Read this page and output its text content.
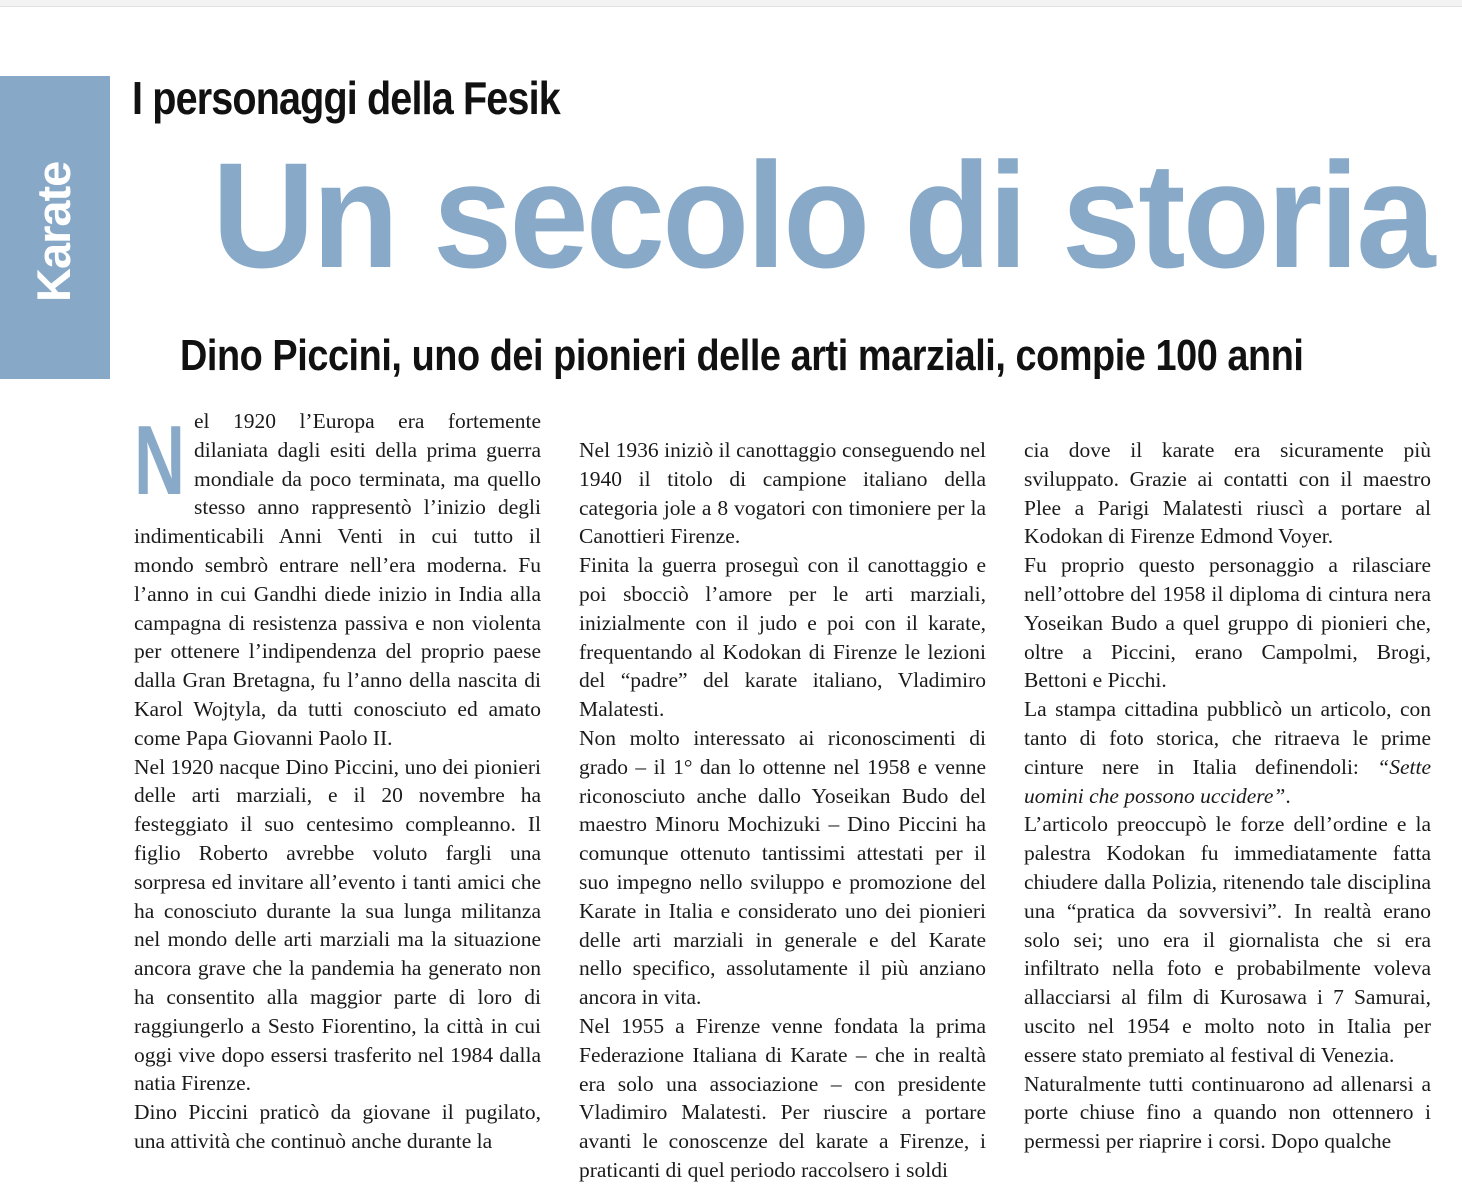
Karate
I personaggi della Fesik
Un secolo di storia
Dino Piccini, uno dei pionieri delle arti marziali, compie 100 anni

Nel 1920 l’Europa era fortemente dilaniata dagli esiti della prima guerra mondiale da poco terminata, ma quello stesso anno rappresentò l’inizio degli indimenticabili Anni Venti in cui tutto il mondo sembrò entrare nell’era moderna. Fu l’anno in cui Gandhi diede inizio in India alla campagna di resistenza passiva e non violenta per ottenere l’indipendenza del proprio paese dalla Gran Bretagna, fu l’anno della nascita di Karol Wojtyla, da tutti conosciuto ed amato come Papa Giovanni Paolo II.

Nel 1920 nacque Dino Piccini, uno dei pionieri delle arti marziali, e il 20 novembre ha festeggiato il suo centesimo compleanno. Il figlio Roberto avrebbe voluto fargli una sorpresa ed invitare all’evento i tanti amici che ha conosciuto durante la sua lunga militanza nel mondo delle arti marziali ma la situazione ancora grave che la pandemia ha generato non ha consentito alla maggior parte di loro di raggiungerlo a Sesto Fiorentino, la città in cui oggi vive dopo essersi trasferito nel 1984 dalla natia Firenze.

Dino Piccini praticò da giovane il pugilato, una attività che continuò anche durante la

Nel 1936 iniziò il canottaggio conseguendo nel 1940 il titolo di campione italiano della categoria jole a 8 vogatori con timoniere per la Canottieri Firenze.

Finita la guerra proseguì con il canottaggio e poi sbocciò l’amore per le arti marziali, inizialmente con il judo e poi con il karate, frequentando al Kodokan di Firenze le lezioni del “padre” del karate italiano, Vladimiro Malatesti.

Non molto interessato ai riconoscimenti di grado – il 1° dan lo ottenne nel 1958 e venne riconosciuto anche dallo Yoseikan Budo del maestro Minoru Mochizuki – Dino Piccini ha comunque ottenuto tantissimi attestati per il suo impegno nello sviluppo e promozione del Karate in Italia e considerato uno dei pionieri delle arti marziali in generale e del Karate nello specifico, assolutamente il più anziano ancora in vita.

Nel 1955 a Firenze venne fondata la prima Federazione Italiana di Karate – che in realtà era solo una associazione – con presidente Vladimiro Malatesti. Per riuscire a portare avanti le conoscenze del karate a Firenze, i praticanti di quel periodo raccolsero i soldi

cia dove il karate era sicuramente più sviluppato. Grazie ai contatti con il maestro Plee a Parigi Malatesti riuscì a portare al Kodokan di Firenze Edmond Voyer.

Fu proprio questo personaggio a rilasciare nell’ottobre del 1958 il diploma di cintura nera Yoseikan Budo a quel gruppo di pionieri che, oltre a Piccini, erano Campolmi, Brogi, Bettoni e Picchi.

La stampa cittadina pubblicò un articolo, con tanto di foto storica, che ritraeva le prime cinture nere in Italia definendoli: “Sette uomini che possono uccidere”.

L’articolo preoccupò le forze dell’ordine e la palestra Kodokan fu immediatamente fatta chiudere dalla Polizia, ritenendo tale disciplina una “pratica da sovversivi”. In realtà erano solo sei; uno era il giornalista che si era infiltrato nella foto e probabilmente voleva allacciarsi al film di Kurosawa i 7 Samurai, uscito nel 1954 e molto noto in Italia per essere stato premiato al festival di Venezia.

Naturalmente tutti continuarono ad allenarsi a porte chiuse fino a quando non ottennero i permessi per riaprire i corsi. Dopo qualche
